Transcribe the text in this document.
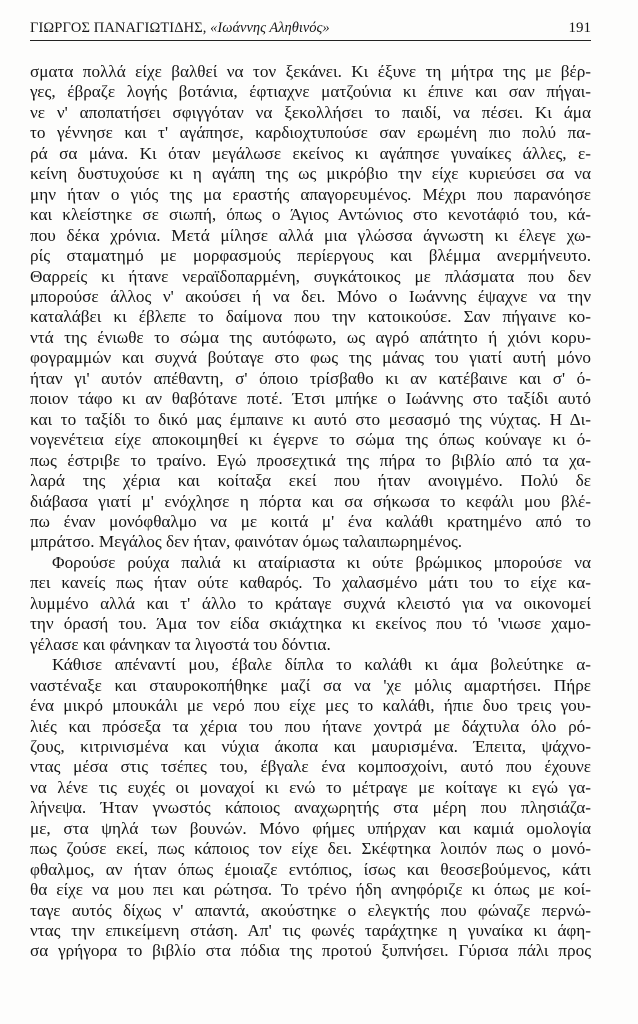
ΓΙΩΡΓΟΣ ΠΑΝΑΓΙΩΤΙΔΗΣ, «Ιωάννης Αληθινός»	191

σματα πολλά είχε βαλθεί να τον ξεκάνει. Κι έξυνε τη μήτρα της με βέρ-
γες, έβραζε λογής βοτάνια, έφτιαχνε ματζούνια κι έπινε και σαν πήγαι-
νε ν' αποπατήσει σφιγγόταν να ξεκολλήσει το παιδί, να πέσει. Κι άμα
το γέννησε και τ' αγάπησε, καρδιοχτυπούσε σαν ερωμένη πιο πολύ πα-
ρά σα μάνα. Κι όταν μεγάλωσε εκείνος κι αγάπησε γυναίκες άλλες, ε-
κείνη δυστυχούσε κι η αγάπη της ως μικρόβιο την είχε κυριεύσει σα να
μην ήταν ο γιός της μα εραστής απαγορευμένος. Μέχρι που παρανόησε
και κλείστηκε σε σιωπή, όπως ο Άγιος Αντώνιος στο κενοτάφιό του, κά-
που δέκα χρόνια. Μετά μίλησε αλλά μια γλώσσα άγνωστη κι έλεγε χω-
ρίς σταματημό με μορφασμούς περίεργους και βλέμμα ανερμήνευτο.
Θαρρείς κι ήτανε νεραϊδοπαρμένη, συγκάτοικος με πλάσματα που δεν
μπορούσε άλλος ν' ακούσει ή να δει. Μόνο ο Ιωάννης έψαχνε να την
καταλάβει κι έβλεπε το δαίμονα που την κατοικούσε. Σαν πήγαινε κο-
ντά της ένιωθε το σώμα της αυτόφωτο, ως αγρό απάτητο ή χιόνι κορυ-
φογραμμών και συχνά βούταγε στο φως της μάνας του γιατί αυτή μόνο
ήταν γι' αυτόν απέθαντη, σ' όποιο τρίσβαθο κι αν κατέβαινε και σ' ό-
ποιον τάφο κι αν θαβότανε ποτέ. Έτσι μπήκε ο Ιωάννης στο ταξίδι αυτό
και το ταξίδι το δικό μας έμπαινε κι αυτό στο μεσασμό της νύχτας. Η Δι-
νογενέτεια είχε αποκοιμηθεί κι έγερνε το σώμα της όπως κούναγε κι ό-
πως έστριβε το τραίνο. Εγώ προσεχτικά της πήρα το βιβλίο από τα χα-
λαρά της χέρια και κοίταξα εκεί που ήταν ανοιγμένο. Πολύ δε
διάβασα γιατί μ' ενόχλησε η πόρτα και σα σήκωσα το κεφάλι μου βλέ-
πω έναν μονόφθαλμο να με κοιτά μ' ένα καλάθι κρατημένο από το
μπράτσο. Μεγάλος δεν ήταν, φαινόταν όμως ταλαιπωρημένος.

Φορούσε ρούχα παλιά κι αταίριαστα κι ούτε βρώμικος μπορούσε να
πει κανείς πως ήταν ούτε καθαρός. Το χαλασμένο μάτι του το είχε κα-
λυμμένο αλλά και τ' άλλο το κράταγε συχνά κλειστό για να οικονομεί
την όρασή του. Άμα τον είδα σκιάχτηκα κι εκείνος που τό 'νιωσε χαμο-
γέλασε και φάνηκαν τα λιγοστά του δόντια.

Κάθισε απέναντί μου, έβαλε δίπλα το καλάθι κι άμα βολεύτηκε α-
ναστέναξε και σταυροκοπήθηκε μαζί σα να 'χε μόλις αμαρτήσει. Πήρε
ένα μικρό μπουκάλι με νερό που είχε μες το καλάθι, ήπιε δυο τρεις γου-
λιές και πρόσεξα τα χέρια του που ήτανε χοντρά με δάχτυλα όλο ρό-
ζους, κιτρινισμένα και νύχια άκοπα και μαυρισμένα. Έπειτα, ψάχνο-
ντας μέσα στις τσέπες του, έβγαλε ένα κομποσχοίνι, αυτό που έχουνε
να λένε τις ευχές οι μοναχοί κι ενώ το μέτραγε με κοίταγε κι εγώ γα-
λήνεψα. Ήταν γνωστός κάποιος αναχωρητής στα μέρη που πλησιάζα-
με, στα ψηλά των βουνών. Μόνο φήμες υπήρχαν και καμιά ομολογία
πως ζούσε εκεί, πως κάποιος τον είχε δει. Σκέφτηκα λοιπόν πως ο μονό-
φθαλμος, αν ήταν όπως έμοιαζε εντόπιος, ίσως και θεοσεβούμενος, κάτι
θα είχε να μου πει και ρώτησα. Το τρένο ήδη ανηφόριζε κι όπως με κοί-
ταγε αυτός δίχως ν' απαντά, ακούστηκε ο ελεγκτής που φώναζε περνώ-
ντας την επικείμενη στάση. Απ' τις φωνές ταράχτηκε η γυναίκα κι άφη-
σα γρήγορα το βιβλίο στα πόδια της προτού ξυπνήσει. Γύρισα πάλι προς
